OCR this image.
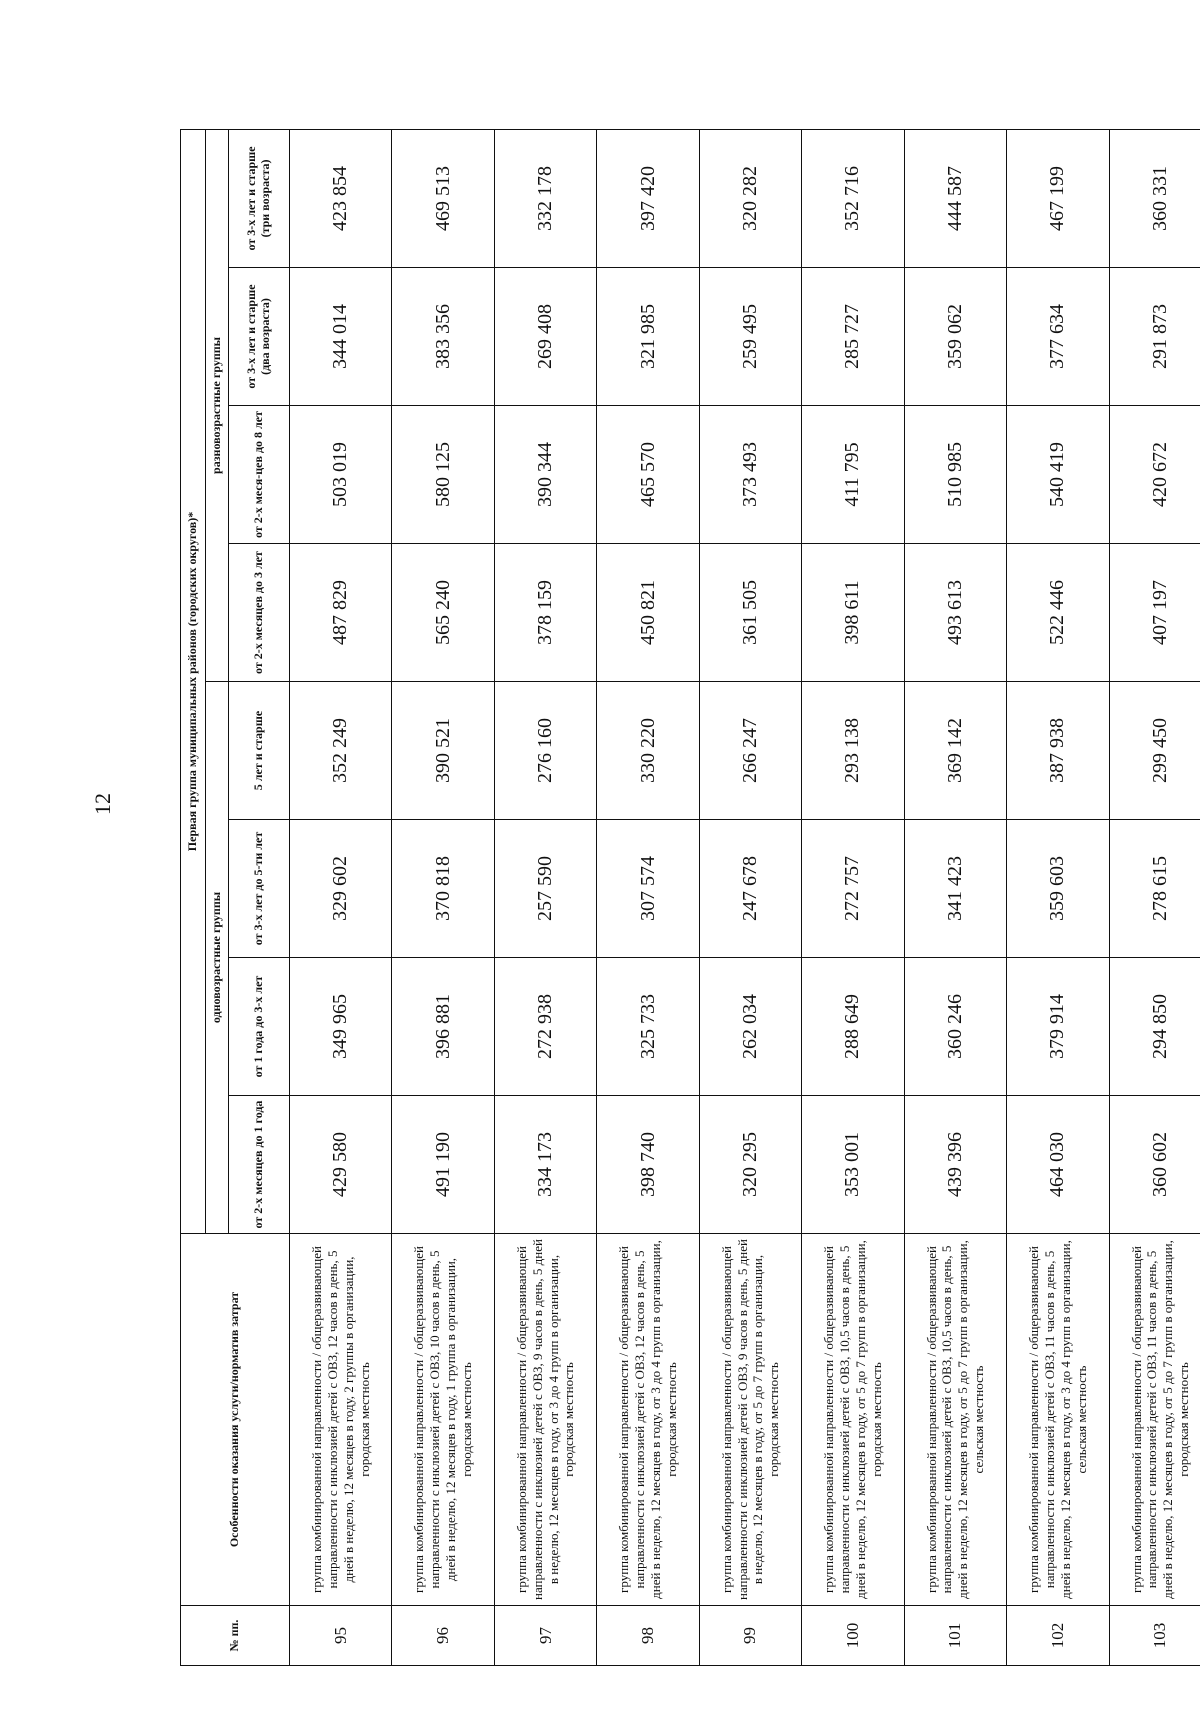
12
№ пп.	Особенности оказания услуги/норматив затрат	Первая группа муниципальных районов (городских округов)*							
		одновозрастные группы				разновозрастные группы			
		от 2-х месяцев до 1 года	от 1 года до 3-х лет	от 3-х лет до 5-ти лет	5 лет и старше	от 2-х месяцев до 3 лет	от 2-х меся-цев до 8 лет	от 3-х лет и старше (два возраста)	от 3-х лет и старше (три возраста)
95	группа комбинированной направленности / общеразвивающей направленности с инклюзией детей с ОВЗ, 12 часов в день, 5 дней в неделю, 12 месяцев в году, 2 группы в организации, городская местность	429 580	349 965	329 602	352 249	487 829	503 019	344 014	423 854
96	группа комбинированной направленности / общеразвивающей направленности с инклюзией детей с ОВЗ, 10 часов в день, 5 дней в неделю, 12 месяцев в году, 1 группа в организации, городская местность	491 190	396 881	370 818	390 521	565 240	580 125	383 356	469 513
97	группа комбинированной направленности / общеразвивающей направленности с инклюзией детей с ОВЗ, 9 часов в день, 5 дней в неделю, 12 месяцев в году, от 3 до 4 групп в организации, городская местность	334 173	272 938	257 590	276 160	378 159	390 344	269 408	332 178
98	группа комбинированной направленности / общеразвивающей направленности с инклюзией детей с ОВЗ, 12 часов в день, 5 дней в неделю, 12 месяцев в году, от 3 до 4 групп в организации, городская местность	398 740	325 733	307 574	330 220	450 821	465 570	321 985	397 420
99	группа комбинированной направленности / общеразвивающей направленности с инклюзией детей с ОВЗ, 9 часов в день, 5 дней в неделю, 12 месяцев в году, от 5 до 7 групп в организации, городская местность	320 295	262 034	247 678	266 247	361 505	373 493	259 495	320 282
100	группа комбинированной направленности / общеразвивающей направленности с инклюзией детей с ОВЗ, 10,5 часов в день, 5 дней в неделю, 12 месяцев в году, от 5 до 7 групп в организации, городская местность	353 001	288 649	272 757	293 138	398 611	411 795	285 727	352 716
101	группа комбинированной направленности / общеразвивающей направленности с инклюзией детей с ОВЗ, 10,5 часов в день, 5 дней в неделю, 12 месяцев в году, от 5 до 7 групп в организации, сельская местность	439 396	360 246	341 423	369 142	493 613	510 985	359 062	444 587
102	группа комбинированной направленности / общеразвивающей направленности с инклюзией детей с ОВЗ, 11 часов в день, 5 дней в неделю, 12 месяцев в году, от 3 до 4 групп в организации, сельская местность	464 030	379 914	359 603	387 938	522 446	540 419	377 634	467 199
103	группа комбинированной направленности / общеразвивающей направленности с инклюзией детей с ОВЗ, 11 часов в день, 5 дней в неделю, 12 месяцев в году, от 5 до 7 групп в организации, городская местность	360 602	294 850	278 615	299 450	407 197	420 672	291 873	360 331
